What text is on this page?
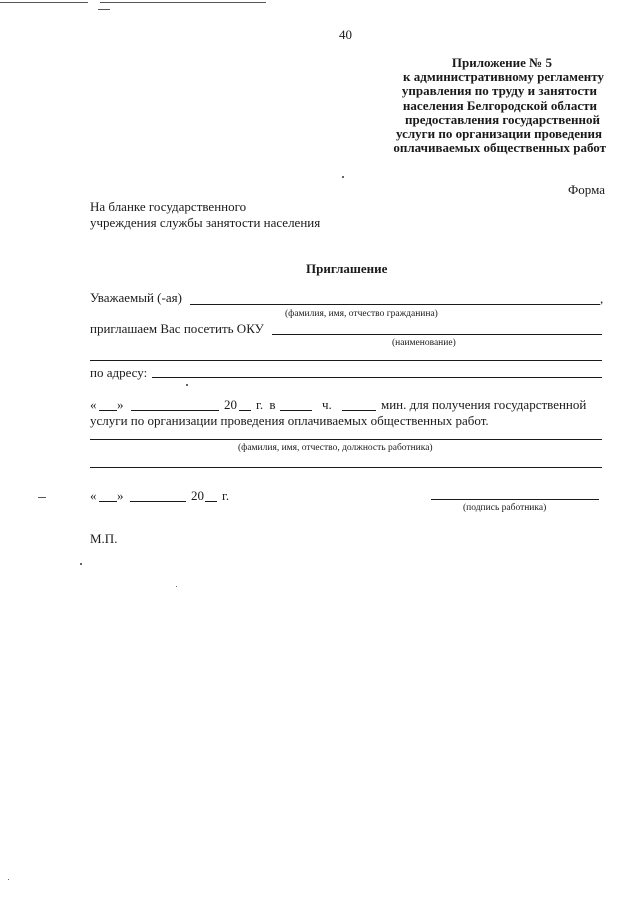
40
Приложение № 5
к административному регламенту
управления по труду и занятости
населения Белгородской области
предоставления государственной
услуги по организации проведения
оплачиваемых общественных работ
Форма
На бланке государственного
учреждения службы занятости населения
Приглашение
Уважаемый (-ая)	,
(фамилия, имя, отчество гражданина)
приглашаем Вас посетить ОКУ
(наименование)
по адресу:
« »	20 г. в	ч.	мин. для получения государственной
услуги по организации проведения оплачиваемых общественных работ.
(фамилия, имя, отчество, должность работника)
« »	20 г.
(подпись работника)
М.П.
